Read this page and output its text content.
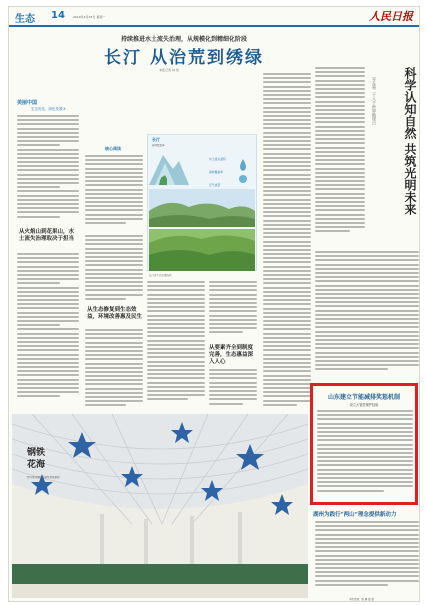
生态 14	2019年4月25日 星期一	人民日报
持续推进水土流失治理，从规模化到精细化阶段
长汀 从治荒到绣绿
本报记者 林 旭	科学认知自然 共筑光明未来
写在第二十八个世界地球日
美丽中国
生态优先、绿色发展③
从火焰山到花果山，水土流失治理取决于担当
核心阅读
从生态修复到生态效益，环境改善惠及民生
长汀
森林覆盖率
水土流失面积
森林覆盖率
空气质量
长汀县生态治理成效
从要素齐全到制度完善，生态惠益深入人心
钢铁花海
图为某地钢结构建筑顶部景观
山东建立节能减排奖惩机制
设立大管控保护经验
湖州为践行“两山”理念提供新动力
本版责编：殷 鹏 瞿 磊
